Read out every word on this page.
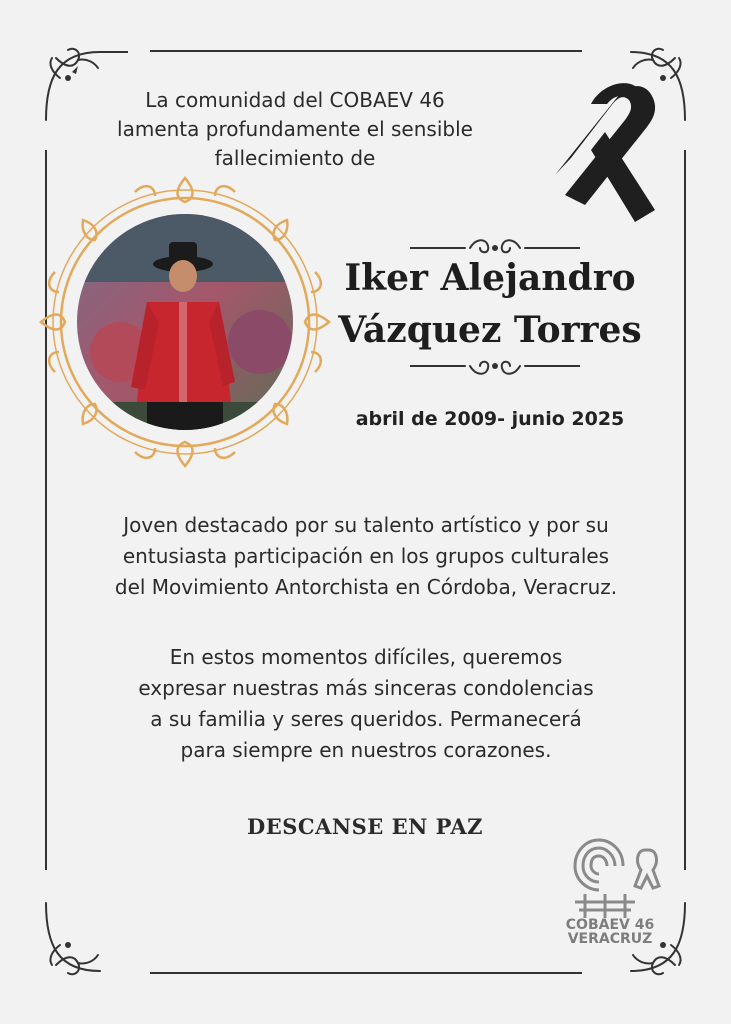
La comunidad del COBAEV 46
lamenta profundamente el sensible
fallecimiento de
Iker Alejandro
Vázquez Torres
abril de 2009- junio 2025
Joven destacado por su talento artístico y por su
entusiasta participación en los grupos culturales
del Movimiento Antorchista en Córdoba, Veracruz.
En estos momentos difíciles, queremos
expresar nuestras más sinceras condolencias
a su familia y seres queridos. Permanecerá
para siempre en nuestros corazones.
DESCANSE EN PAZ
COBAEV 46
VERACRUZ
